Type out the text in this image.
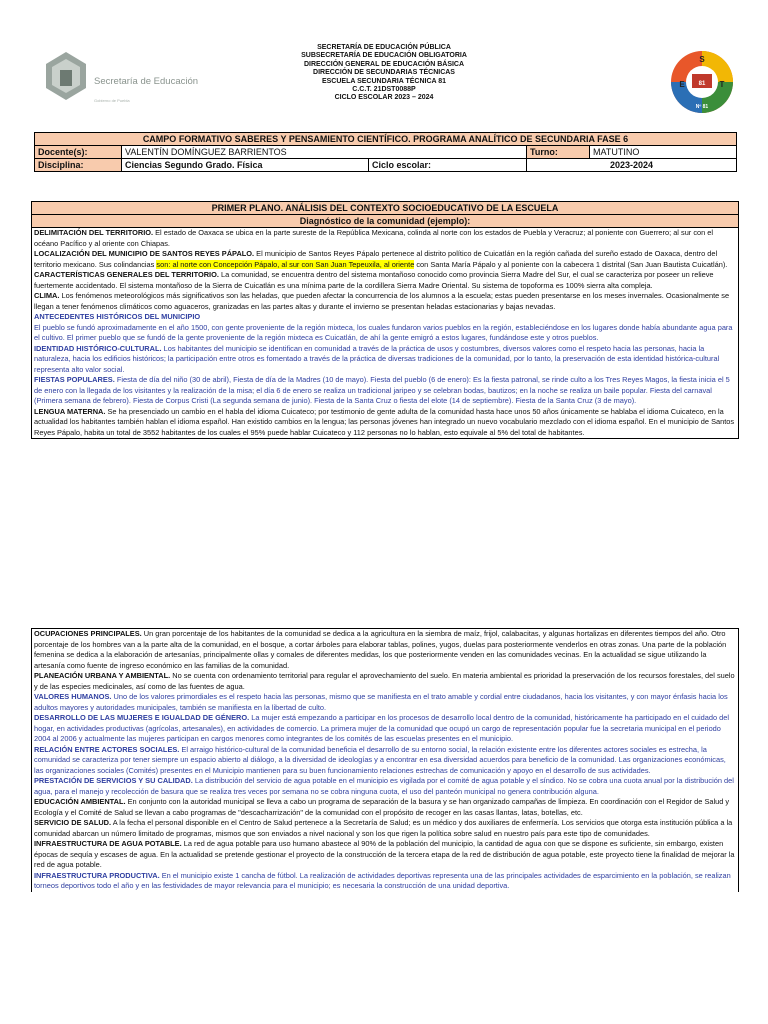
Secretaría de Educación
Gobierno de Puebla
SECRETARÍA DE EDUCACIÓN PÚBLICA
SUBSECRETARÍA DE EDUCACIÓN OBLIGATORIA
DIRECCIÓN GENERAL DE EDUCACIÓN BÁSICA
DIRECCIÓN DE SECUNDARIAS TÉCNICAS
ESCUELA SECUNDARIA TÉCNICA 81
C.C.T. 21DST0088P
CICLO ESCOLAR 2023 – 2024
81
S
E	T
Nº 81
CAMPO FORMATIVO SABERES Y PENSAMIENTO CIENTÍFICO. PROGRAMA ANALÍTICO DE SECUNDARIA FASE 6				
Docente(s):	VALENTÍN DOMÍNGUEZ BARRIENTOS		Turno:	MATUTINO
Disciplina:	Ciencias Segundo Grado. Física	Ciclo escolar:	2023-2024	
PRIMER PLANO. ANÁLISIS DEL CONTEXTO SOCIOEDUCATIVO DE LA ESCUELA
Diagnóstico de la comunidad (ejemplo):
DELIMITACIÓN DEL TERRITORIO. El estado de Oaxaca se ubica en la parte sureste de la República Mexicana, colinda al norte con los estados de Puebla y Veracruz; al poniente con Guerrero; al sur con el océano Pacífico y al oriente con Chiapas.
LOCALIZACIÓN DEL MUNICIPIO DE SANTOS REYES PÁPALO. El municipio de Santos Reyes Pápalo pertenece al distrito político de Cuicatlán en la región cañada del sureño estado de Oaxaca, dentro del territorio mexicano. Sus colindancias son: al norte con Concepción Pápalo, al sur con San Juan Tepeuxila, al oriente con Santa María Pápalo y al poniente con la cabecera 1 distrital (San Juan Bautista Cuicatlán).
CARACTERÍSTICAS GENERALES DEL TERRITORIO. La comunidad, se encuentra dentro del sistema montañoso conocido como provincia Sierra Madre del Sur, el cual se caracteriza por poseer un relieve fuertemente accidentado. El sistema montañoso de la Sierra de Cuicatlán es una mínima parte de la cordillera Sierra Madre Oriental. Su sistema de topoforma es 100% sierra alta compleja.
CLIMA. Los fenómenos meteorológicos más significativos son las heladas, que pueden afectar la concurrencia de los alumnos a la escuela; estas pueden presentarse en los meses invernales. Ocasionalmente se llegan a tener fenómenos climáticos como aguaceros, granizadas en las partes altas y durante el invierno se presentan heladas estacionarias y bajas nevadas.
ANTECEDENTES HISTÓRICOS DEL MUNICIPIO
El pueblo se fundó aproximadamente en el año 1500, con gente proveniente de la región mixteca, los cuales fundaron varios pueblos en la región, estableciéndose en los lugares donde había abundante agua para el cultivo. El primer pueblo que se fundó de la gente proveniente de la región mixteca es Cuicatlán, de ahí la gente emigró a estos lugares, fundándose este y otros pueblos.
IDENTIDAD HISTÓRICO-CULTURAL. Los habitantes del municipio se identifican en comunidad a través de la práctica de usos y costumbres, diversos valores como el respeto hacia las personas, hacia la naturaleza, hacia los edificios históricos; la participación entre otros es fomentado a través de la práctica de diversas tradiciones de la comunidad, por lo tanto, la preservación de esta identidad histórica-cultural representa alto valor social.
FIESTAS POPULARES. Fiesta de día del niño (30 de abril), Fiesta de día de la Madres (10 de mayo). Fiesta del pueblo (6 de enero): Es la fiesta patronal, se rinde culto a los Tres Reyes Magos, la fiesta inicia el 5 de enero con la llegada de los visitantes y la realización de la misa; el día 6 de enero se realiza un tradicional jaripeo y se celebran bodas, bautizos; en la noche se realiza un baile popular. Fiesta del carnaval (Primera semana de febrero). Fiesta de Corpus Cristi (La segunda semana de junio). Fiesta de la Santa Cruz o fiesta del elote (14 de septiembre). Fiesta de la Santa Cruz (3 de mayo).
LENGUA MATERNA. Se ha presenciado un cambio en el habla del idioma Cuicateco; por testimonio de gente adulta de la comunidad hasta hace unos 50 años únicamente se hablaba el idioma Cuicateco, en la actualidad los habitantes también hablan el idioma español. Han existido cambios en la lengua; las personas jóvenes han integrado un nuevo vocabulario mezclado con el idioma español. En el municipio de Santos Reyes Pápalo, habita un total de 3552 habitantes de los cuales el 95% puede hablar Cuicateco y 112 personas no lo hablan, esto equivale al 5% del total de habitantes.
OCUPACIONES PRINCIPALES. Un gran porcentaje de los habitantes de la comunidad se dedica a la agricultura en la siembra de maíz, frijol, calabacitas, y algunas hortalizas en diferentes tiempos del año. Otro porcentaje de los hombres van a la parte alta de la comunidad, en el bosque, a cortar árboles para elaborar tablas, polines, yugos, duelas para posteriormente venderlos en otras zonas. Una parte de la población femenina se dedica a la elaboración de artesanías, principalmente ollas y comales de diferentes medidas, los que posteriormente venden en las comunidades vecinas. En la actualidad se sigue utilizando la artesanía como fuente de ingreso económico en las familias de la comunidad.
PLANEACIÓN URBANA Y AMBIENTAL. No se cuenta con ordenamiento territorial para regular el aprovechamiento del suelo. En materia ambiental es prioridad la preservación de los recursos forestales, del suelo y de las especies medicinales, así como de las fuentes de agua.
VALORES HUMANOS. Uno de los valores primordiales es el respeto hacia las personas, mismo que se manifiesta en el trato amable y cordial entre ciudadanos, hacia los visitantes, y con mayor énfasis hacia los adultos mayores y autoridades municipales, también se manifiesta en la libertad de culto.
DESARROLLO DE LAS MUJERES E IGUALDAD DE GÉNERO. La mujer está empezando a participar en los procesos de desarrollo local dentro de la comunidad, históricamente ha participado en el cuidado del hogar, en actividades productivas (agrícolas, artesanales), en actividades de comercio. La primera mujer de la comunidad que ocupó un cargo de representación popular fue la secretaria municipal en el periodo 2004 al 2006 y actualmente las mujeres participan en cargos menores como integrantes de los comités de las escuelas presentes en el municipio.
RELACIÓN ENTRE ACTORES SOCIALES. El arraigo histórico-cultural de la comunidad beneficia el desarrollo de su entorno social, la relación existente entre los diferentes actores sociales es estrecha, la comunidad se caracteriza por tener siempre un espacio abierto al diálogo, a la diversidad de ideologías y a encontrar en esa diversidad acuerdos para beneficio de la comunidad. Las organizaciones económicas, las organizaciones sociales (Comités) presentes en el Municipio mantienen para su buen funcionamiento relaciones estrechas de comunicación y apoyo en el desarrollo de sus actividades.
PRESTACIÓN DE SERVICIOS Y SU CALIDAD. La distribución del servicio de agua potable en el municipio es vigilada por el comité de agua potable y el síndico. No se cobra una cuota anual por la distribución del agua, para el manejo y recolección de basura que se realiza tres veces por semana no se cobra ninguna cuota, el uso del panteón municipal no genera contribución alguna.
EDUCACIÓN AMBIENTAL. En conjunto con la autoridad municipal se lleva a cabo un programa de separación de la basura y se han organizado campañas de limpieza. En coordinación con el Regidor de Salud y Ecología y el Comité de Salud se llevan a cabo programas de "descacharrización" de la comunidad con el propósito de recoger en las casas llantas, latas, botellas, etc.
SERVICIO DE SALUD. A la fecha el personal disponible en el Centro de Salud pertenece a la Secretaría de Salud; es un médico y dos auxiliares de enfermería. Los servicios que otorga esta institución pública a la comunidad abarcan un número limitado de programas, mismos que son enviados a nivel nacional y son los que rigen la política sobre salud en nuestro país para este tipo de comunidades.
INFRAESTRUCTURA DE AGUA POTABLE. La red de agua potable para uso humano abastece al 90% de la población del municipio, la cantidad de agua con que se dispone es suficiente, sin embargo, existen épocas de sequía y escases de agua. En la actualidad se pretende gestionar el proyecto de la construcción de la tercera etapa de la red de distribución de agua potable, este proyecto tiene la finalidad de mejorar la red de agua potable.
INFRAESTRUCTURA PRODUCTIVA. En el municipio existe 1 cancha de fútbol. La realización de actividades deportivas representa una de las principales actividades de esparcimiento en la población, se realizan torneos deportivos todo el año y en las festividades de mayor relevancia para el municipio; es necesaria la construcción de una unidad deportiva.
